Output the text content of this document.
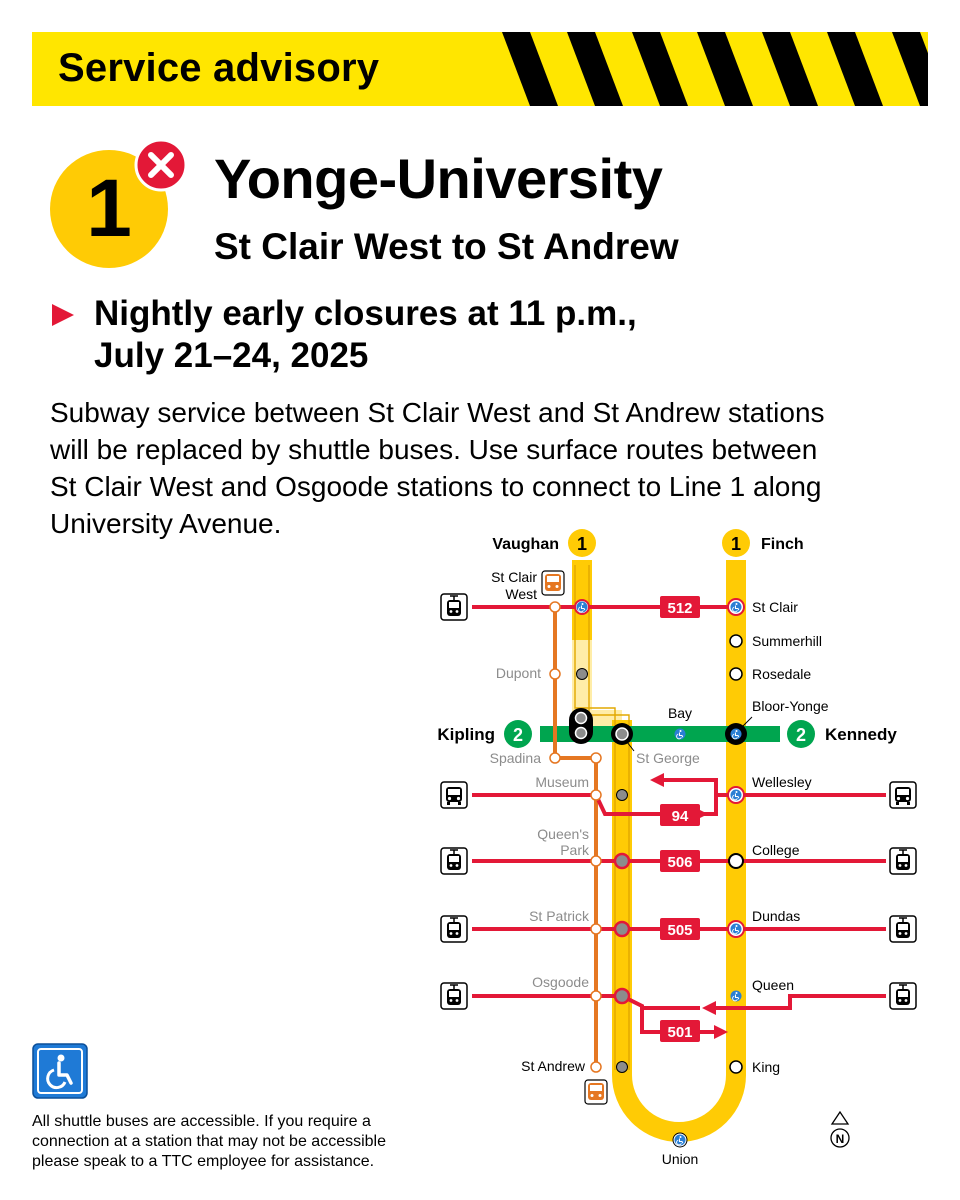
Service advisory
1	Yonge-University
St Clair West to St Andrew
Nightly early closures at 11 p.m.,
July 21–24, 2025
Subway service between St Clair West and St Andrew stations
will be replaced by shuttle buses. Use surface routes between
St Clair West and Osgoode stations to connect to Line 1 along
University Avenue.
512
94
506
505
501
Vaughan 1	1 Finch
Kipling 2	2 Kennedy
St Clair
West
St Clair
Summerhill
Rosedale
Bloor-Yonge
Bay
Wellesley
College
Dundas
Queen
King
Union
St Andrew
Dupont
Spadina	St George
Museum
Queen's
Park
St Patrick
Osgoode
N
All shuttle buses are accessible. If you require a
connection at a station that may not be accessible
please speak to a TTC employee for assistance.
